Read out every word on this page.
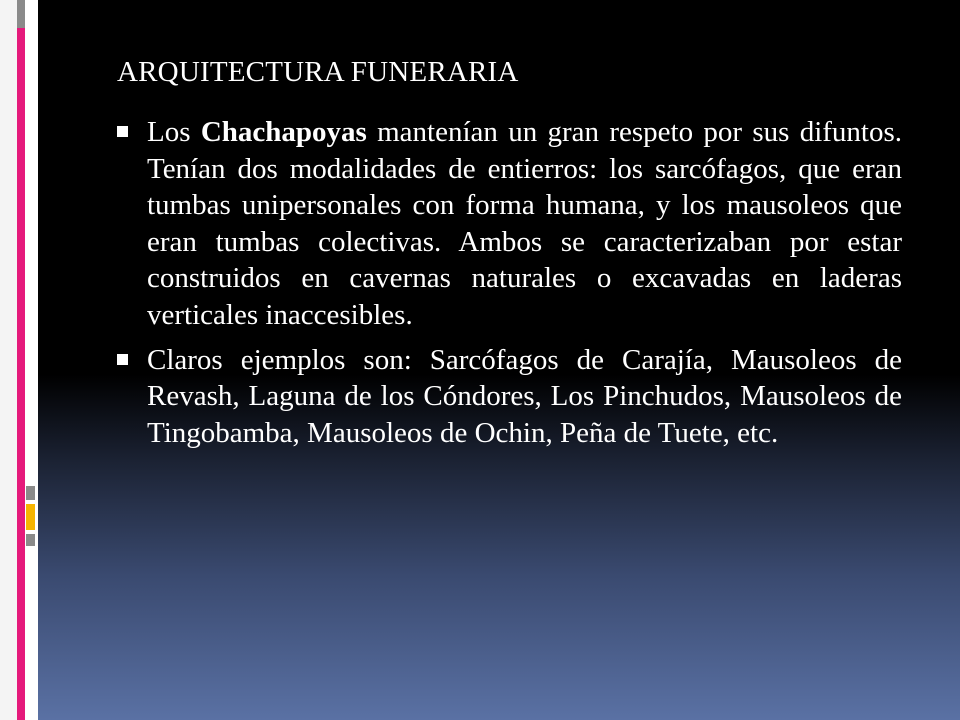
ARQUITECTURA FUNERARIA
Los Chachapoyas mantenían un gran respeto por sus difuntos. Tenían dos modalidades de entierros: los sarcófagos, que eran tumbas unipersonales con forma humana, y los mausoleos que eran tumbas colectivas. Ambos se caracterizaban por estar construidos en cavernas naturales o excavadas en laderas verticales inaccesibles.
Claros ejemplos son: Sarcófagos de Carajía, Mausoleos de Revash, Laguna de los Cóndores, Los Pinchudos, Mausoleos de Tingobamba, Mausoleos de Ochin, Peña de Tuete, etc.
